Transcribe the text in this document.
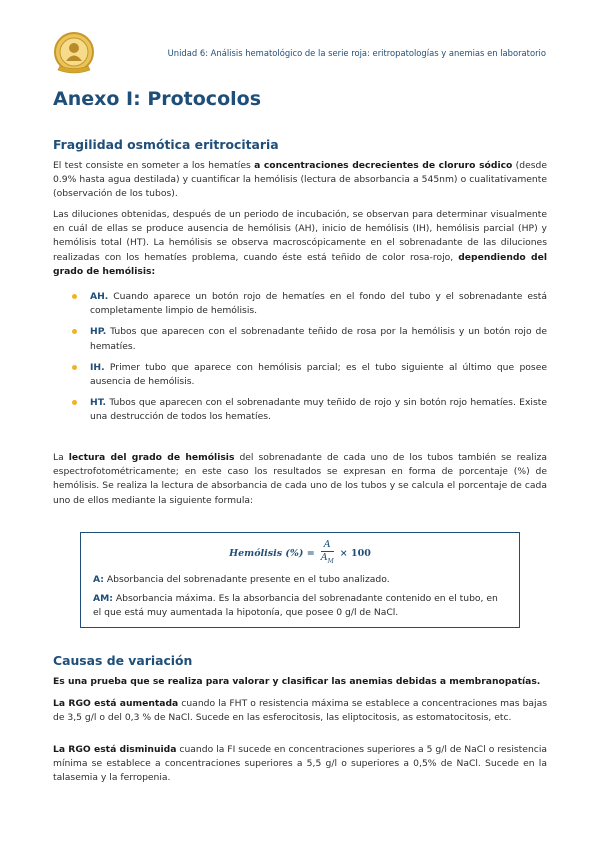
Unidad 6: Análisis hematológico de la serie roja: eritropatologías y anemias en laboratorio
Anexo I: Protocolos
Fragilidad osmótica eritrocitaria

El test consiste en someter a los hematíes a concentraciones decrecientes de cloruro sódico (desde 0.9% hasta agua destilada) y cuantificar la hemólisis (lectura de absorbancia a 545nm) o cualitativamente (observación de los tubos).

Las diluciones obtenidas, después de un periodo de incubación, se observan para determinar visualmente en cuál de ellas se produce ausencia de hemólisis (AH), inicio de hemólisis (IH), hemólisis parcial (HP) y hemólisis total (HT). La hemólisis se observa macroscópicamente en el sobrenadante de las diluciones realizadas con los hematíes problema, cuando éste está teñido de color rosa-rojo, dependiendo del grado de hemólisis:

AH. Cuando aparece un botón rojo de hematíes en el fondo del tubo y el sobrenadante está completamente limpio de hemólisis.
HP. Tubos que aparecen con el sobrenadante teñido de rosa por la hemólisis y un botón rojo de hematíes.
IH. Primer tubo que aparece con hemólisis parcial; es el tubo siguiente al último que posee ausencia de hemólisis.
HT. Tubos que aparecen con el sobrenadante muy teñido de rojo y sin botón rojo hematíes. Existe una destrucción de todos los hematíes.

La lectura del grado de hemólisis del sobrenadante de cada uno de los tubos también se realiza espectrofotométricamente; en este caso los resultados se expresan en forma de porcentaje (%) de hemólisis. Se realiza la lectura de absorbancia de cada uno de los tubos y se calcula el porcentaje de cada uno de ellos mediante la siguiente formula:

Hemólisis (%) = $\frac{A}{A_M} \times 100$
A: Absorbancia del sobrenadante presente en el tubo analizado.
AM: Absorbancia máxima. Es la absorbancia del sobrenadante contenido en el tubo, en el que está muy aumentada la hipotonía, que posee 0 g/l de NaCl.
Causas de variación

Es una prueba que se realiza para valorar y clasificar las anemias debidas a membranopatías.

La RGO está aumentada cuando la FHT o resistencia máxima se establece a concentraciones mas bajas de 3,5 g/l o del 0,3 % de NaCl. Sucede en las esferocitosis, las eliptocitosis, as estomatocitosis, etc.

La RGO está disminuida cuando la FI sucede en concentraciones superiores a 5 g/l de NaCl o resistencia mínima se establece a concentraciones superiores a 5,5 g/l o superiores a 0,5% de NaCl. Sucede en la talasemia y la ferropenia.
